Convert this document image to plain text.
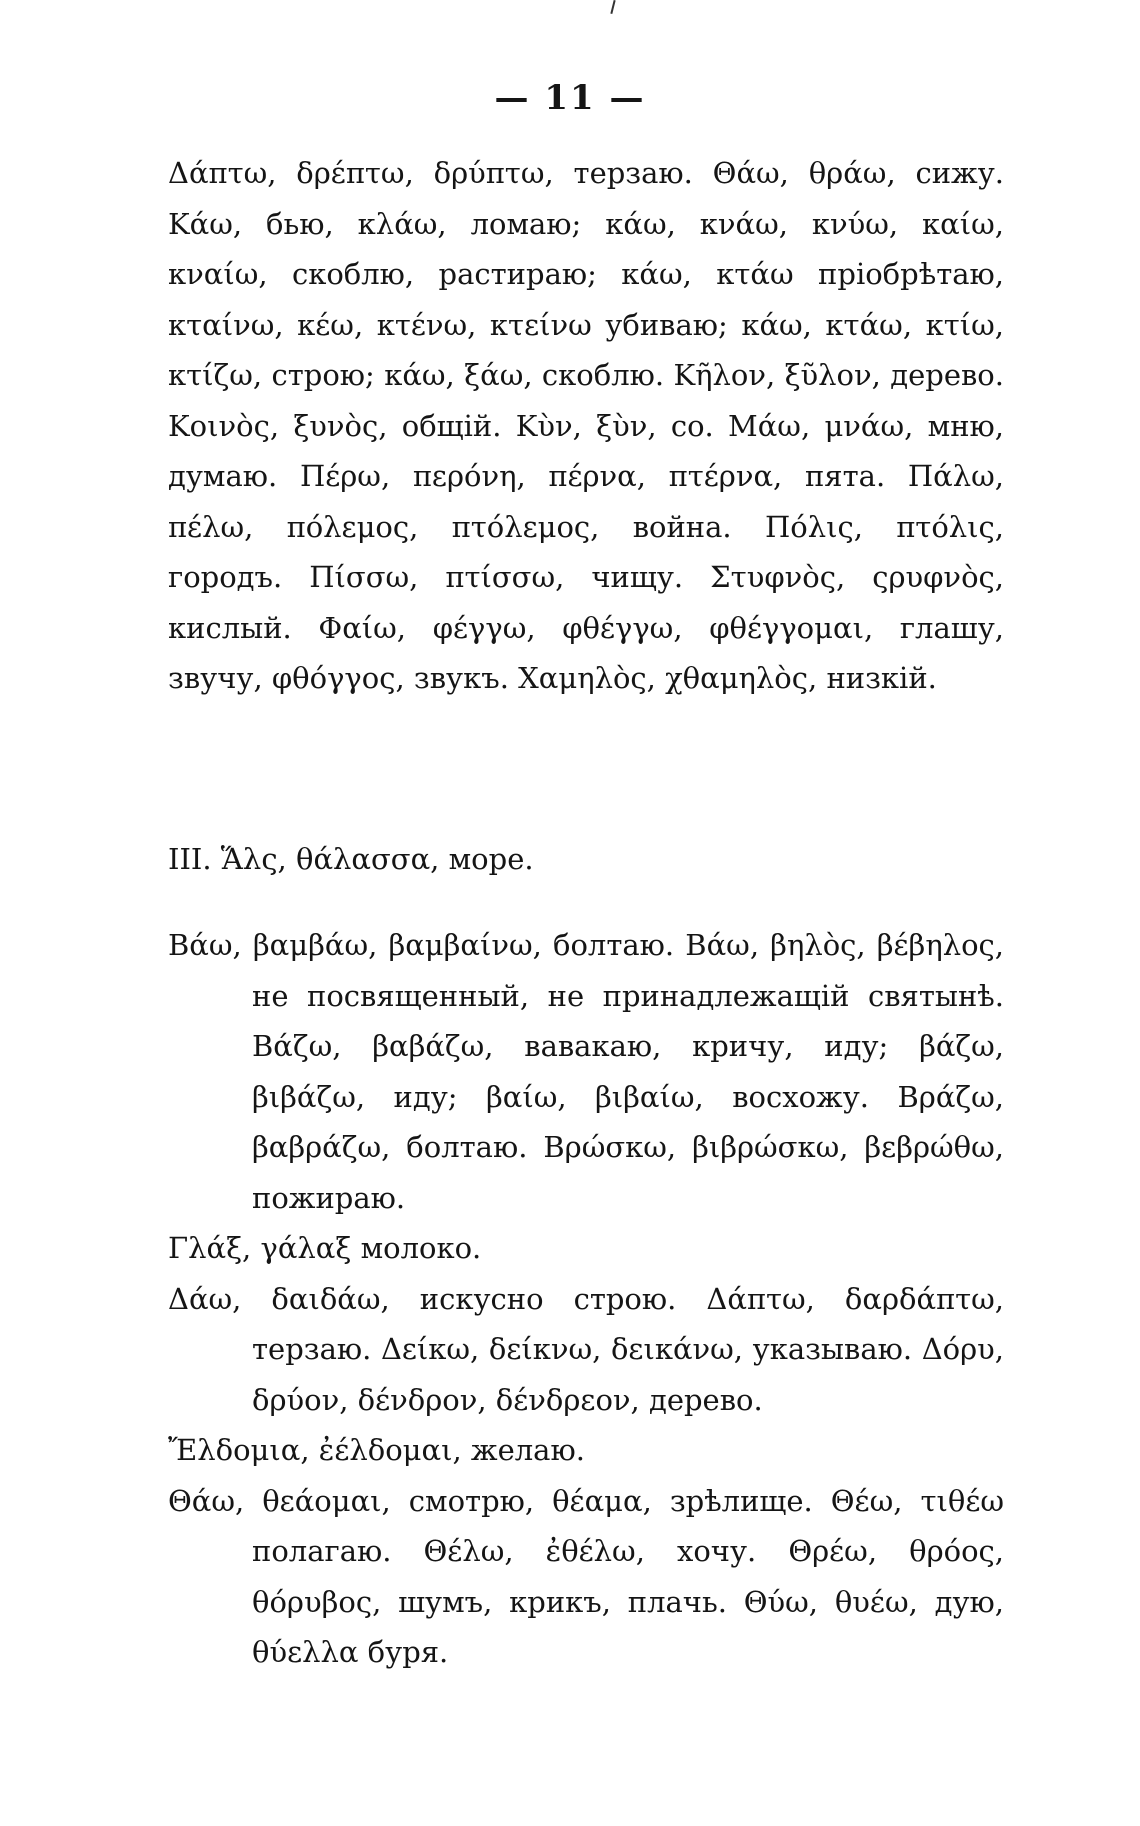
— 11 —

Δάπτω, δρέπτω, δρύπτω, терзаю. Θάω, θράω, сижу. Κάω, бью, κλάω, ломаю; κάω, κνάω, κνύω, καίω, κναίω, скоблю, растираю; κάω, κτάω пріобрѣтаю, κταίνω, κέω, κτένω, κτείνω убиваю; κάω, κτάω, κτίω, κτίζω, строю; κάω, ξάω, скоблю. Κῆλον, ξῦλον, дерево. Κοινὸς, ξυνὸς, общій. Κὺν, ξὺν, со. Μάω, μνάω, мню, думаю. Πέρω, περόνη, πέρνα, πτέρνα, пята. Πάλω, πέλω, πόλεμος, πτόλεμος, война. Πόλις, πτόλις, городъ. Πίσσω, πτίσσω, чищу. Στυφνὸς, ςρυφνὸς, кислый. Φαίω, φέγγω, φθέγγω, φθέγγομαι, глашу, звучу, φθόγγος, звукъ. Χαμηλὸς, χθαμηλὸς, низкій.

III. Ἅλς, θάλασσα, море.

Βάω, βαμβάω, βαμβαίνω, болтаю. Βάω, βηλὸς, βέβηλος, не посвященный, не принадлежащій святынѣ. Βάζω, βαβάζω, вавакаю, кричу, иду; βάζω, βιβάζω, иду; βαίω, βιβαίω, восхожу. Βράζω, βαβράζω, болтаю. Βρώσκω, βιβρώσκω, βεβρώθω, пожираю.

Γλάξ, γάλαξ молоко.

Δάω, δαιδάω, искусно строю. Δάπτω, δαρδάπτω, терзаю. Δείκω, δείκνω, δεικάνω, указываю. Δόρυ, δρύον, δένδρον, δένδρεον, дерево.

Ἔλδομια, ἐέλδομαι, желаю.

Θάω, θεάομαι, смотрю, θέαμα, зрѣлище. Θέω, τιθέω полагаю. Θέλω, ἐθέλω, хочу. Θρέω, θρόος, θόρυβος, шумъ, крикъ, плачь. Θύω, θυέω, дую, θύελλα буря.
